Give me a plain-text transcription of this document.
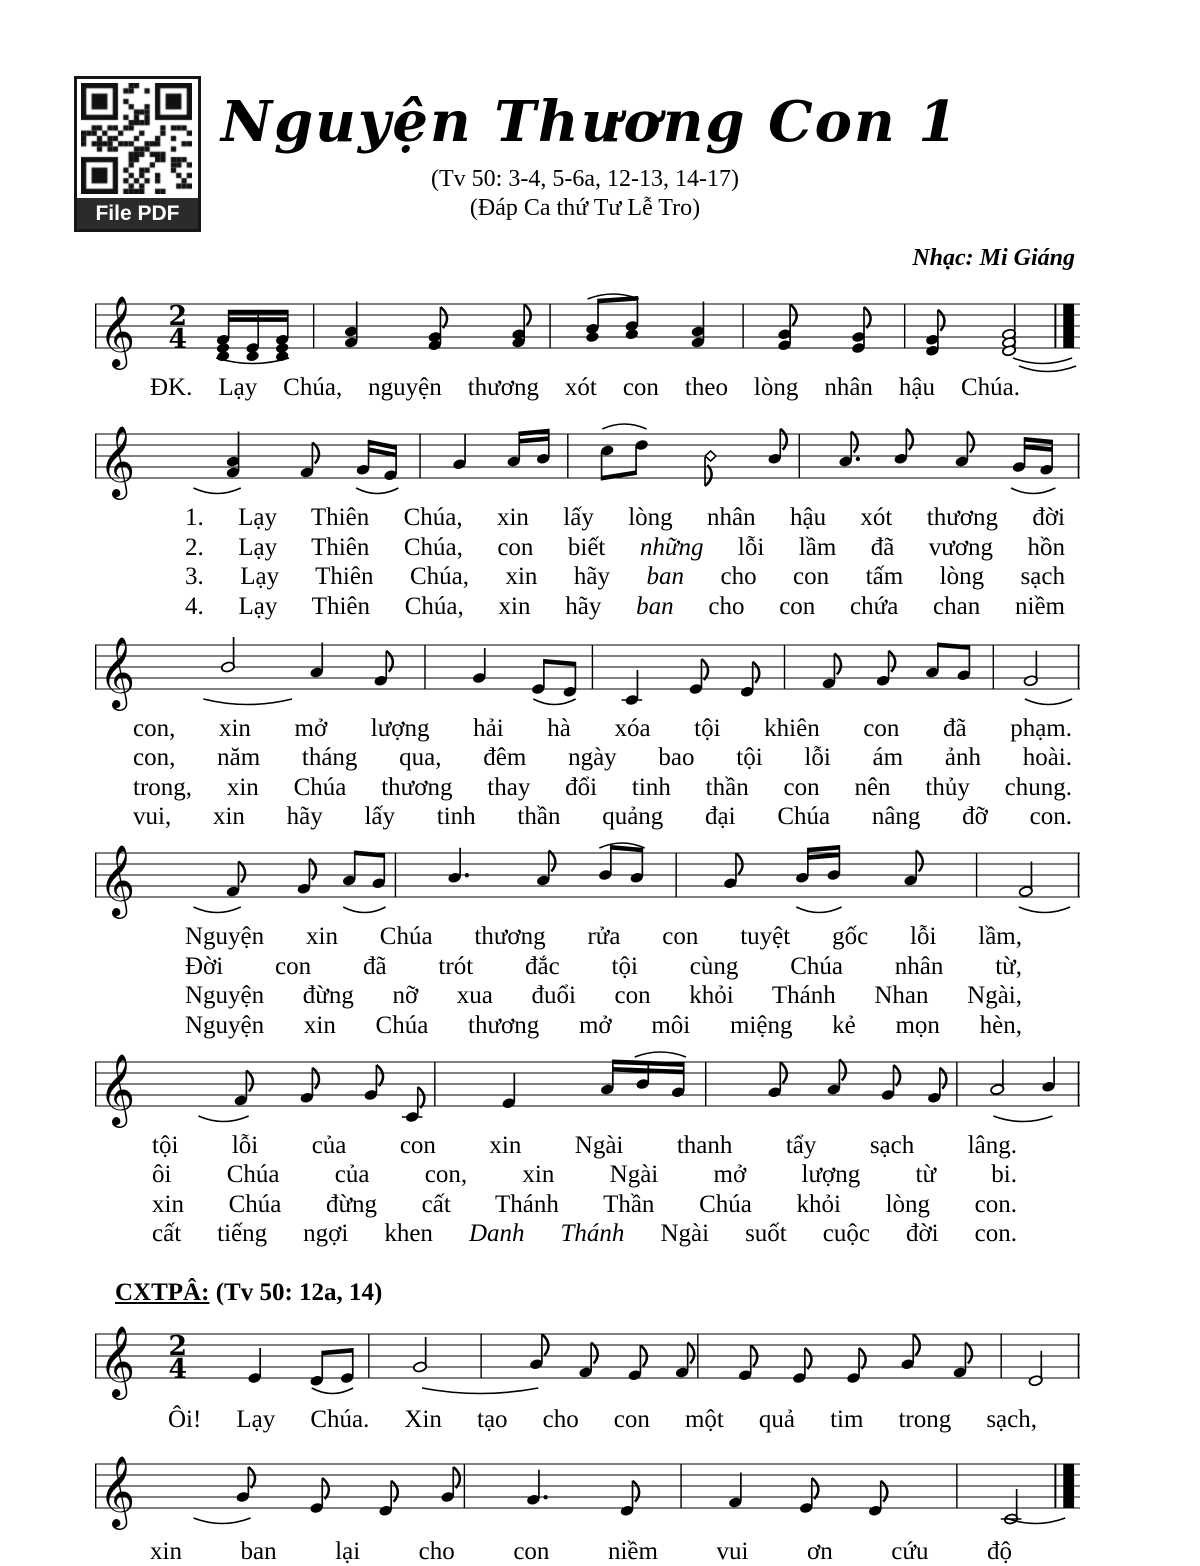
File PDF
Nguyện Thương Con 1
(Tv 50: 3-4, 5-6a, 12-13, 14-17)
(Đáp Ca thứ Tư Lễ Tro)
Nhạc: Mi Giáng
𝄞 2
4
ĐK. Lạy Chúa, nguyện thương xót con theo lòng nhân hậu Chúa.
𝄞
1. Lạy Thiên Chúa, xin lấy lòng nhân hậu xót thương đời
2. Lạy Thiên Chúa, con biết những lỗi lầm đã vương hồn
3. Lạy Thiên Chúa, xin hãy ban cho con tấm lòng sạch
4. Lạy Thiên Chúa, xin hãy ban cho con chứa chan niềm
𝄞
con, xin mở lượng hải hà xóa tội khiên con đã phạm.
con, năm tháng qua, đêm ngày bao tội lỗi ám ảnh hoài.
trong, xin Chúa thương thay đổi tinh thần con nên thủy chung.
vui, xin hãy lấy tinh thần quảng đại Chúa nâng đỡ con.
𝄞
Nguyện xin Chúa thương rửa con tuyệt gốc lỗi lầm,
Đời con đã trót đắc tội cùng Chúa nhân từ,
Nguyện đừng nỡ xua đuổi con khỏi Thánh Nhan Ngài,
Nguyện xin Chúa thương mở môi miệng kẻ mọn hèn,
𝄞
tội lỗi của con xin Ngài thanh tẩy sạch lâng.
ôi Chúa của con, xin Ngài mở lượng từ bi.
xin Chúa đừng cất Thánh Thần Chúa khỏi lòng con.
cất tiếng ngợi khen Danh Thánh Ngài suốt cuộc đời con.
CXTPÂ: (Tv 50: 12a, 14)
𝄞 2
4
Ôi! Lạy Chúa. Xin tạo cho con một quả tim trong sạch,
𝄞
xin ban lại cho con niềm vui ơn cứu độ
